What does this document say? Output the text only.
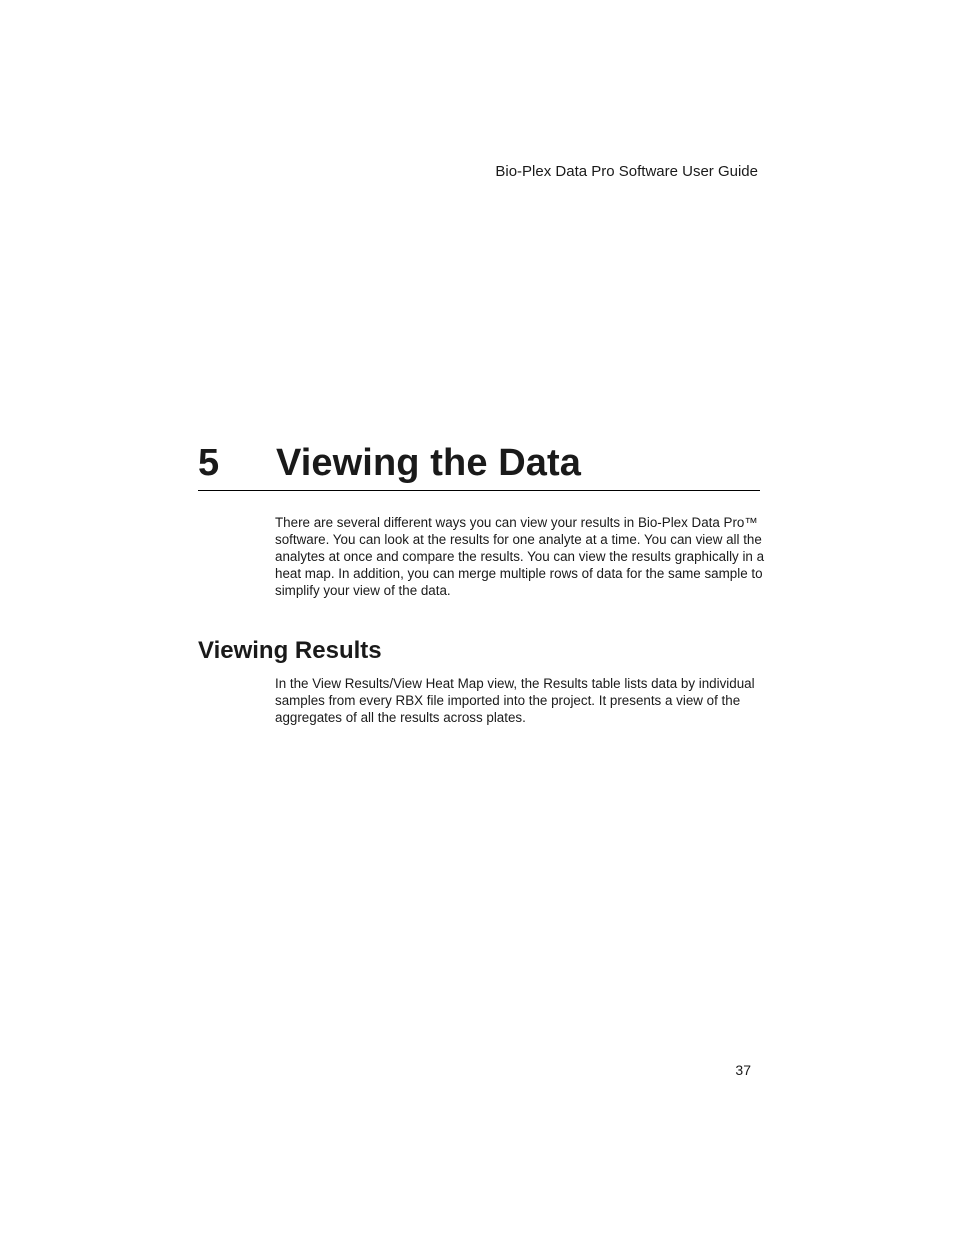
Bio-Plex Data Pro Software User Guide
5 Viewing the Data

There are several different ways you can view your results in Bio-Plex Data Pro™ software. You can look at the results for one analyte at a time. You can view all the analytes at once and compare the results. You can view the results graphically in a heat map. In addition, you can merge multiple rows of data for the same sample to simplify your view of the data.

Viewing Results

In the View Results/View Heat Map view, the Results table lists data by individual samples from every RBX file imported into the project. It presents a view of the aggregates of all the results across plates.

37
